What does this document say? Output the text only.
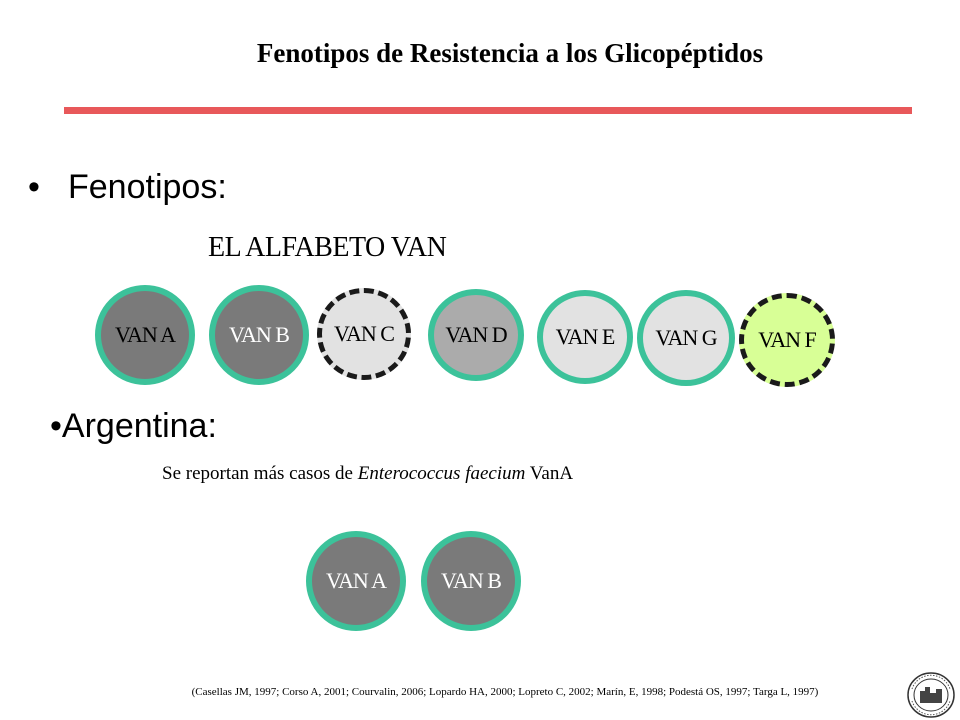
Fenotipos de Resistencia a los Glicopéptidos
• Fenotipos:
EL ALFABETO VAN
VAN A VAN B VAN C VAN D VAN E VAN G VAN F
•Argentina:
Se reportan más casos de Enterococcus faecium VanA
VAN A VAN B
(Casellas JM, 1997; Corso A, 2001; Courvalin, 2006; Lopardo HA, 2000; Lopreto C, 2002; Marín, E, 1998; Podestá OS, 1997; Targa L, 1997)
